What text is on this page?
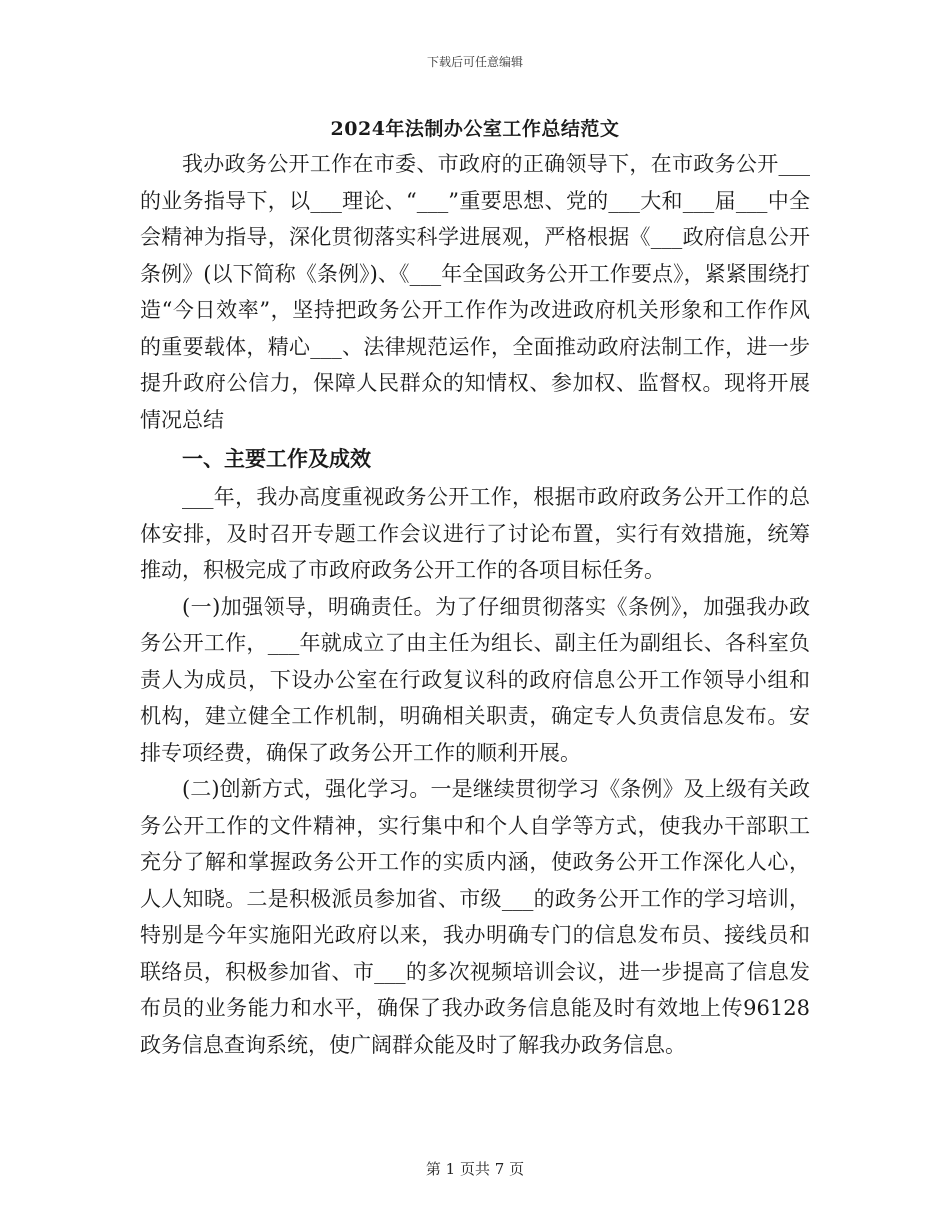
下载后可任意编辑
2024年法制办公室工作总结范文

我办政务公开工作在市委、市政府的正确领导下，在市政务公开___的业务指导下，以___理论、“___”重要思想、党的___大和___届___中全会精神为指导，深化贯彻落实科学进展观，严格根据《___政府信息公开条例》(以下简称《条例》)、《___年全国政务公开工作要点》，紧紧围绕打造“今日效率”，坚持把政务公开工作作为改进政府机关形象和工作作风的重要载体，精心___、法律规范运作，全面推动政府法制工作，进一步提升政府公信力，保障人民群众的知情权、参加权、监督权。现将开展情况总结

一、主要工作及成效

___年，我办高度重视政务公开工作，根据市政府政务公开工作的总体安排，及时召开专题工作会议进行了讨论布置，实行有效措施，统筹推动，积极完成了市政府政务公开工作的各项目标任务。

(一)加强领导，明确责任。为了仔细贯彻落实《条例》，加强我办政务公开工作，___年就成立了由主任为组长、副主任为副组长、各科室负责人为成员，下设办公室在行政复议科的政府信息公开工作领导小组和机构，建立健全工作机制，明确相关职责，确定专人负责信息发布。安排专项经费，确保了政务公开工作的顺利开展。

(二)创新方式，强化学习。一是继续贯彻学习《条例》及上级有关政务公开工作的文件精神，实行集中和个人自学等方式，使我办干部职工充分了解和掌握政务公开工作的实质内涵，使政务公开工作深化人心，人人知晓。二是积极派员参加省、市级___的政务公开工作的学习培训，特别是今年实施阳光政府以来，我办明确专门的信息发布员、接线员和联络员，积极参加省、市___的多次视频培训会议，进一步提高了信息发布员的业务能力和水平，确保了我办政务信息能及时有效地上传96128政务信息查询系统，使广阔群众能及时了解我办政务信息。

第 1 页共 7 页
